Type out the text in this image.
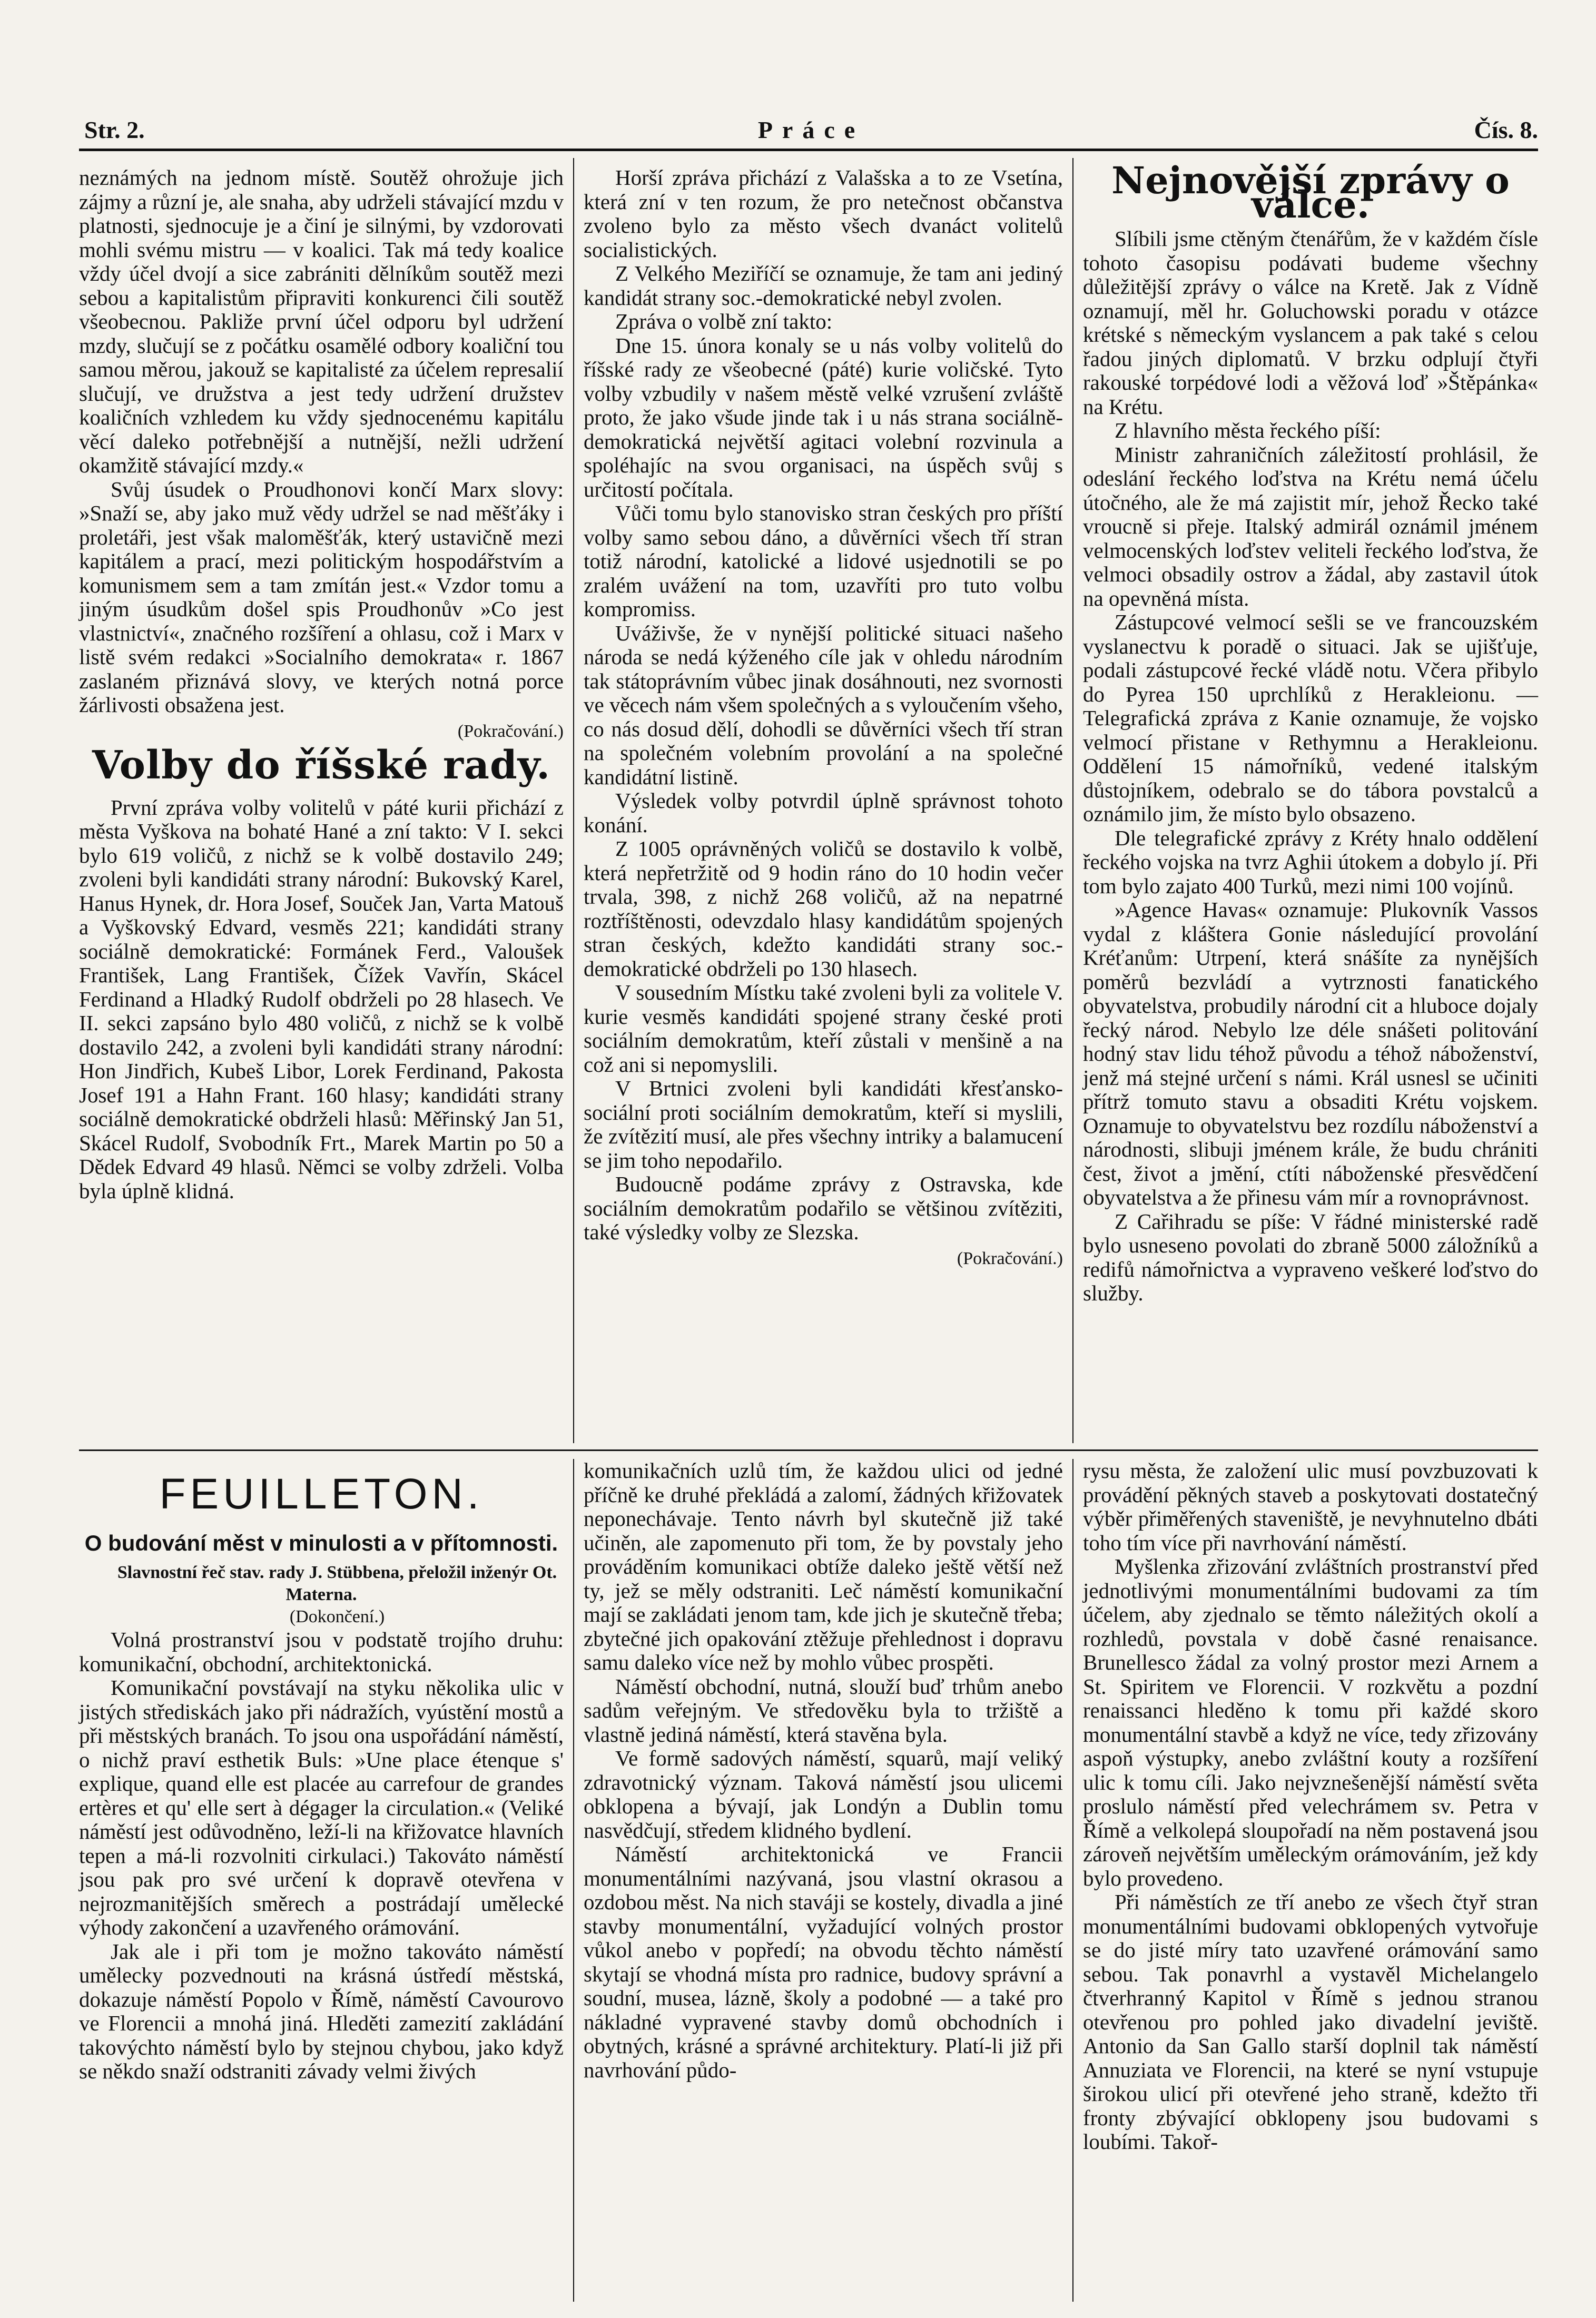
Str. 2.	Práce	Čís. 8.

neznámých na jednom místě. Soutěž ohrožuje jich zájmy a různí je, ale snaha, aby udrželi stávající mzdu v platnosti, sjednocuje je a činí je silnými, by vzdorovati mohli svému mistru — v koalici. Tak má tedy koalice vždy účel dvojí a sice zabrániti dělníkům soutěž mezi sebou a kapitalistům připraviti konkurenci čili soutěž všeobecnou. Pakliže první účel odporu byl udržení mzdy, slučují se z počátku osamělé odbory koaliční tou samou měrou, jakouž se kapitalisté za účelem represalií slučují, ve družstva a jest tedy udržení družstev koaličních vzhledem ku vždy sjednocenému kapitálu věcí daleko potřebnější a nutnější, nežli udržení okamžitě stávající mzdy.«

Svůj úsudek o Proudhonovi končí Marx slovy: »Snaží se, aby jako muž vědy udržel se nad měšťáky i proletáři, jest však maloměšťák, který ustavičně mezi kapitálem a prací, mezi politickým hospodářstvím a komunismem sem a tam zmítán jest.« Vzdor tomu a jiným úsudkům došel spis Proudhonův »Co jest vlastnictví«, značného rozšíření a ohlasu, což i Marx v listě svém redakci »Socialního demokrata« r. 1867 zaslaném přiznává slovy, ve kterých notná porce žárlivosti obsažena jest.

(Pokračování.)
Volby do říšské rady.

První zpráva volby volitelů v páté kurii přichází z města Vyškova na bohaté Hané a zní takto: V I. sekci bylo 619 voličů, z nichž se k volbě dostavilo 249; zvoleni byli kandidáti strany národní: Bukovský Karel, Hanus Hynek, dr. Hora Josef, Souček Jan, Varta Matouš a Vyškovský Edvard, vesměs 221; kandidáti strany sociálně demokratické: Formánek Ferd., Valoušek František, Lang František, Čížek Vavřín, Skácel Ferdinand a Hladký Rudolf obdrželi po 28 hlasech. Ve II. sekci zapsáno bylo 480 voličů, z nichž se k volbě dostavilo 242, a zvoleni byli kandidáti strany národní: Hon Jindřich, Kubeš Libor, Lorek Ferdinand, Pakosta Josef 191 a Hahn Frant. 160 hlasy; kandidáti strany sociálně demokratické obdrželi hlasů: Měřinský Jan 51, Skácel Rudolf, Svobodník Frt., Marek Martin po 50 a Dědek Edvard 49 hlasů. Němci se volby zdrželi. Volba byla úplně klidná.

Horší zpráva přichází z Valašska a to ze Vsetína, která zní v ten rozum, že pro netečnost občanstva zvoleno bylo za město všech dvanáct volitelů socialistických.

Z Velkého Meziříčí se oznamuje, že tam ani jediný kandidát strany soc.-demokratické nebyl zvolen.

Zpráva o volbě zní takto:

Dne 15. února konaly se u nás volby volitelů do říšské rady ze všeobecné (páté) kurie voličské. Tyto volby vzbudily v našem městě velké vzrušení zvláště proto, že jako všude jinde tak i u nás strana sociálně-demokratická největší agitaci volební rozvinula a spoléhajíc na svou organisaci, na úspěch svůj s určitostí počítala.

Vůči tomu bylo stanovisko stran českých pro příští volby samo sebou dáno, a důvěrníci všech tří stran totiž národní, katolické a lidové usjednotili se po zralém uvážení na tom, uzavříti pro tuto volbu kompromiss.

Uváživše, že v nynější politické situaci našeho národa se nedá kýženého cíle jak v ohledu národním tak státoprávním vůbec jinak dosáhnouti, nez svornosti ve věcech nám všem společných a s vyloučením všeho, co nás dosud dělí, dohodli se důvěrníci všech tří stran na společném volebním provolání a na společné kandidátní listině.

Výsledek volby potvrdil úplně správnost tohoto konání.

Z 1005 oprávněných voličů se dostavilo k volbě, která nepřetržitě od 9 hodin ráno do 10 hodin večer trvala, 398, z nichž 268 voličů, až na nepatrné roztříštěnosti, odevzdalo hlasy kandidátům spojených stran českých, kdežto kandidáti strany soc.-demokratické obdrželi po 130 hlasech.

V sousedním Místku také zvoleni byli za volitele V. kurie vesměs kandidáti spojené strany české proti sociálním demokratům, kteří zůstali v menšině a na což ani si nepomyslili.

V Brtnici zvoleni byli kandidáti křesťansko-sociální proti sociálním demokratům, kteří si myslili, že zvítězití musí, ale přes všechny intriky a balamucení se jim toho nepodařilo.

Budoucně podáme zprávy z Ostravska, kde sociálním demokratům podařilo se většinou zvítěziti, také výsledky volby ze Slezska.

(Pokračování.)
Nejnovější zprávy o válce.

Slíbili jsme ctěným čtenářům, že v každém čísle tohoto časopisu podávati budeme všechny důležitější zprávy o válce na Kretě. Jak z Vídně oznamují, měl hr. Goluchowski poradu v otázce krétské s německým vyslancem a pak také s celou řadou jiných diplomatů. V brzku odplují čtyři rakouské torpédové lodi a věžová loď »Štěpánka« na Krétu.

Z hlavního města řeckého píší:

Ministr zahraničních záležitostí prohlásil, že odeslání řeckého loďstva na Krétu nemá účelu útočného, ale že má zajistit mír, jehož Řecko také vroucně si přeje. Italský admirál oznámil jménem velmocenských loďstev veliteli řeckého loďstva, že velmoci obsadily ostrov a žádal, aby zastavil útok na opevněná místa.

Zástupcové velmocí sešli se ve francouzském vyslanectvu k poradě o situaci. Jak se ujišťuje, podali zástupcové řecké vládě notu. Včera přibylo do Pyrea 150 uprchlíků z Herakleionu. — Telegrafická zpráva z Kanie oznamuje, že vojsko velmocí přistane v Rethymnu a Herakleionu. Oddělení 15 námořníků, vedené italským důstojníkem, odebralo se do tábora povstalců a oznámilo jim, že místo bylo obsazeno.

Dle telegrafické zprávy z Kréty hnalo oddělení řeckého vojska na tvrz Aghii útokem a dobylo jí. Při tom bylo zajato 400 Turků, mezi nimi 100 vojínů.

»Agence Havas« oznamuje: Plukovník Vassos vydal z kláštera Gonie následující provolání Kréťanům: Utrpení, která snášíte za nynějších poměrů bezvládí a vytrznosti fanatického obyvatelstva, probudily národní cit a hluboce dojaly řecký národ. Nebylo lze déle snášeti politování hodný stav lidu téhož původu a téhož náboženství, jenž má stejné určení s námi. Král usnesl se učiniti přítrž tomuto stavu a obsaditi Krétu vojskem. Oznamuje to obyvatelstvu bez rozdílu náboženství a národnosti, slibuji jménem krále, že budu chrániti čest, život a jmění, ctíti náboženské přesvědčení obyvatelstva a že přinesu vám mír a rovnoprávnost.

Z Cařihradu se píše: V řádné ministerské radě bylo usneseno povolati do zbraně 5000 záložníků a redifů námořnictva a vypraveno veškeré loďstvo do služby.

FEUILLETON.
O budování měst v minulosti a v přítomnosti.

Slavnostní řeč stav. rady J. Stübbena, přeložil inženýr Ot. Materna.

(Dokončení.)

Volná prostranství jsou v podstatě trojího druhu: komunikační, obchodní, architektonická.

Komunikační povstávají na styku několika ulic v jistých střediskách jako při nádražích, vyústění mostů a při městských branách. To jsou ona uspořádání náměstí, o nichž praví esthetik Buls: »Une place étenque s' explique, quand elle est placée au carrefour de grandes ertères et qu' elle sert à dégager la circulation.« (Veliké náměstí jest odůvodněno, leží-li na křižovatce hlavních tepen a má-li rozvolniti cirkulaci.) Takováto náměstí jsou pak pro své určení k dopravě otevřena v nejrozmanitějších směrech a postrádají umělecké výhody zakončení a uzavřeného orámování.

Jak ale i při tom je možno takováto náměstí umělecky pozvednouti na krásná ústředí městská, dokazuje náměstí Popolo v Římě, náměstí Cavourovo ve Florencii a mnohá jiná. Hleděti zamezití zakládání takovýchto náměstí bylo by stejnou chybou, jako když se někdo snaží odstraniti závady velmi živých

komunikačních uzlů tím, že každou ulici od jedné příčně ke druhé překládá a zalomí, žádných křižovatek neponechávaje. Tento návrh byl skutečně již také učiněn, ale zapomenuto při tom, že by povstaly jeho prováděním komunikaci obtíže daleko ještě větší než ty, jež se měly odstraniti. Leč náměstí komunikační mají se zakládati jenom tam, kde jich je skutečně třeba; zbytečné jich opakování ztěžuje přehlednost i dopravu samu daleko více než by mohlo vůbec prospěti.

Náměstí obchodní, nutná, slouží buď trhům anebo sadům veřejným. Ve středověku byla to tržiště a vlastně jediná náměstí, která stavěna byla.

Ve formě sadových náměstí, squarů, mají veliký zdravotnický význam. Taková náměstí jsou ulicemi obklopena a bývají, jak Londýn a Dublin tomu nasvědčují, středem klidného bydlení.

Náměstí architektonická ve Francii monumentálními nazývaná, jsou vlastní okrasou a ozdobou měst. Na nich staváji se kostely, divadla a jiné stavby monumentální, vyžadující volných prostor vůkol anebo v popředí; na obvodu těchto náměstí skytají se vhodná místa pro radnice, budovy správní a soudní, musea, lázně, školy a podobné — a také pro nákladné vypravené stavby domů obchodních i obytných, krásné a správné architektury. Platí-li již při navrhování půdo-

rysu města, že založení ulic musí povzbuzovati k provádění pěkných staveb a poskytovati dostatečný výběr přiměřených staveniště, je nevyhnutelno dbáti toho tím více při navrhování náměstí.

Myšlenka zřizování zvláštních prostranství před jednotlivými monumentálními budovami za tím účelem, aby zjednalo se těmto náležitých okolí a rozhledů, povstala v době časné renaisance. Brunellesco žádal za volný prostor mezi Arnem a St. Spiritem ve Florencii. V rozkvětu a pozdní renaissanci hleděno k tomu při každé skoro monumentální stavbě a když ne více, tedy zřizovány aspoň výstupky, anebo zvláštní kouty a rozšíření ulic k tomu cíli. Jako nejvznešenější náměstí světa proslulo náměstí před velechrámem sv. Petra v Římě a velkolepá sloupořadí na něm postavená jsou zároveň největším uměleckým orámováním, jež kdy bylo provedeno.

Při náměstích ze tří anebo ze všech čtyř stran monumentálními budovami obklopených vytvořuje se do jisté míry tato uzavřené orámování samo sebou. Tak ponavrhl a vystavěl Michelangelo čtverhranný Kapitol v Římě s jednou stranou otevřenou pro pohled jako divadelní jeviště. Antonio da San Gallo starší doplnil tak náměstí Annuziata ve Florencii, na které se nyní vstupuje širokou ulicí při otevřené jeho straně, kdežto tři fronty zbývající obklopeny jsou budovami s loubími. Takoř-
